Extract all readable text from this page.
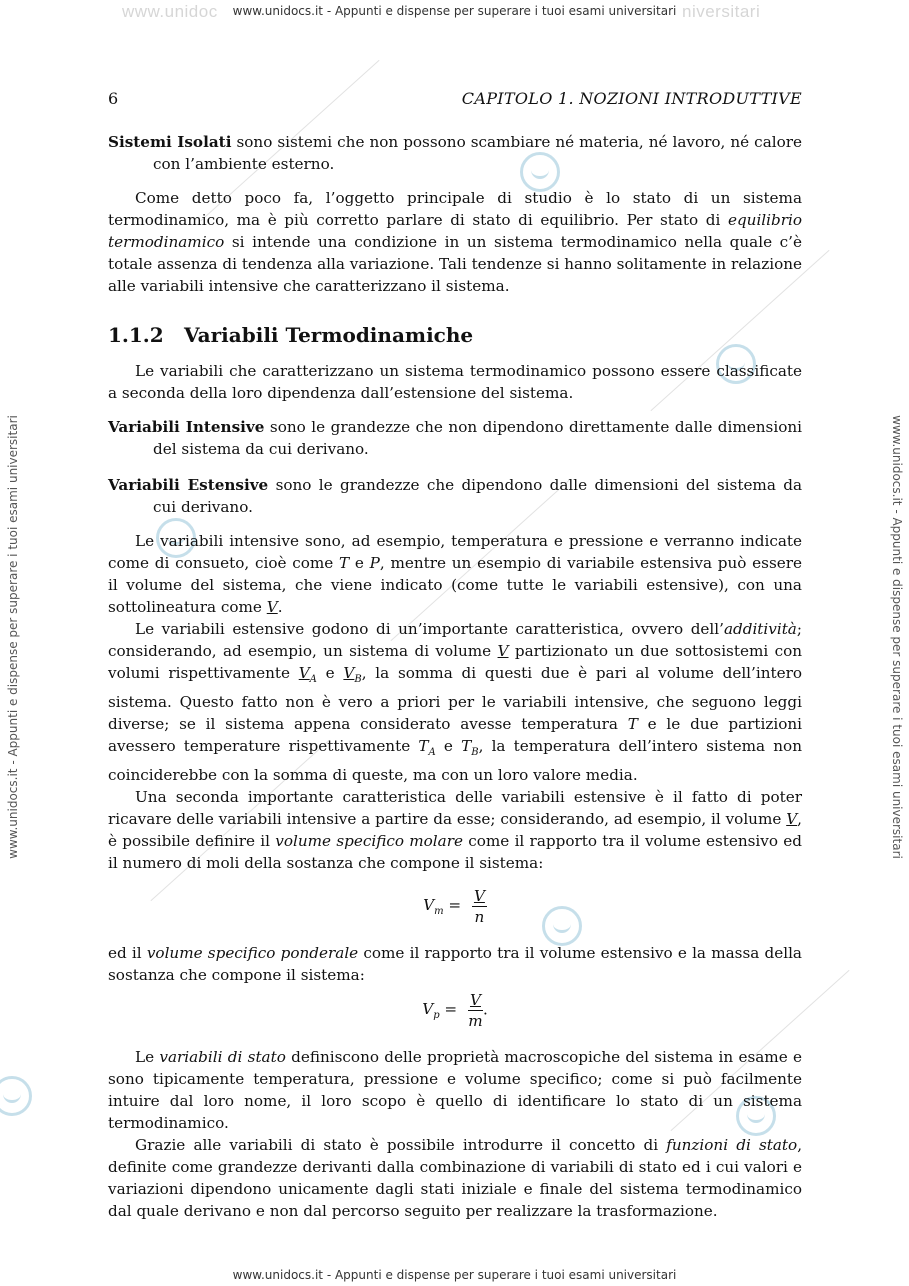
www.unidoc	niversitari
www.unidocs.it - Appunti e dispense per superare i tuoi esami universitari
www.unidocs.it - Appunti e dispense per superare i tuoi esami universitari
www.unidocs.it - Appunti e dispense per superare i tuoi esami universitari	www.unidocs.it - Appunti e dispense per superare i tuoi esami universitari
6	CAPITOLO 1. NOZIONI INTRODUTTIVE

Sistemi Isolati sono sistemi che non possono scambiare né materia, né lavoro, né calore con l’ambiente esterno.

Come detto poco fa, l’oggetto principale di studio è lo stato di un sistema termodinamico, ma è più corretto parlare di stato di equilibrio. Per stato di equilibrio termodinamico si intende una condizione in un sistema termodinamico nella quale c’è totale assenza di tendenza alla variazione. Tali tendenze si hanno solitamente in relazione alle variabili intensive che caratterizzano il sistema.

1.1.2 Variabili Termodinamiche

Le variabili che caratterizzano un sistema termodinamico possono essere classificate a seconda della loro dipendenza dall’estensione del sistema.

Variabili Intensive sono le grandezze che non dipendono direttamente dalle dimensioni del sistema da cui derivano.

Variabili Estensive sono le grandezze che dipendono dalle dimensioni del sistema da cui derivano.

Le variabili intensive sono, ad esempio, temperatura e pressione e verranno indicate come di consueto, cioè come T e P, mentre un esempio di variabile estensiva può essere il volume del sistema, che viene indicato (come tutte le variabili estensive), con una sottolineatura come V.

Le variabili estensive godono di un’importante caratteristica, ovvero dell’additività; considerando, ad esempio, un sistema di volume V partizionato un due sottosistemi con volumi rispettivamente $V_A$ e $V_B$, la somma di questi due è pari al volume dell’intero sistema. Questo fatto non è vero a priori per le variabili intensive, che seguono leggi diverse; se il sistema appena considerato avesse temperatura T e le due partizioni avessero temperature rispettivamente $T_A$ e $T_B$, la temperatura dell’intero sistema non coinciderebbe con la somma di queste, ma con un loro valore media.

Una seconda importante caratteristica delle variabili estensive è il fatto di poter ricavare delle variabili intensive a partire da esse; considerando, ad esempio, il volume V, è possibile definire il volume specifico molare come il rapporto tra il volume estensivo ed il numero di moli della sostanza che compone il sistema:

$V_m = \frac{V}{n}$

ed il volume specifico ponderale come il rapporto tra il volume estensivo e la massa della sostanza che compone il sistema:

$V_p = \frac{V}{m}$ .

Le variabili di stato definiscono delle proprietà macroscopiche del sistema in esame e sono tipicamente temperatura, pressione e volume specifico; come si può facilmente intuire dal loro nome, il loro scopo è quello di identificare lo stato di un sistema termodinamico.

Grazie alle variabili di stato è possibile introdurre il concetto di funzioni di stato, definite come grandezze derivanti dalla combinazione di variabili di stato ed i cui valori e variazioni dipendono unicamente dagli stati iniziale e finale del sistema termodinamico dal quale derivano e non dal percorso seguito per realizzare la trasformazione.
